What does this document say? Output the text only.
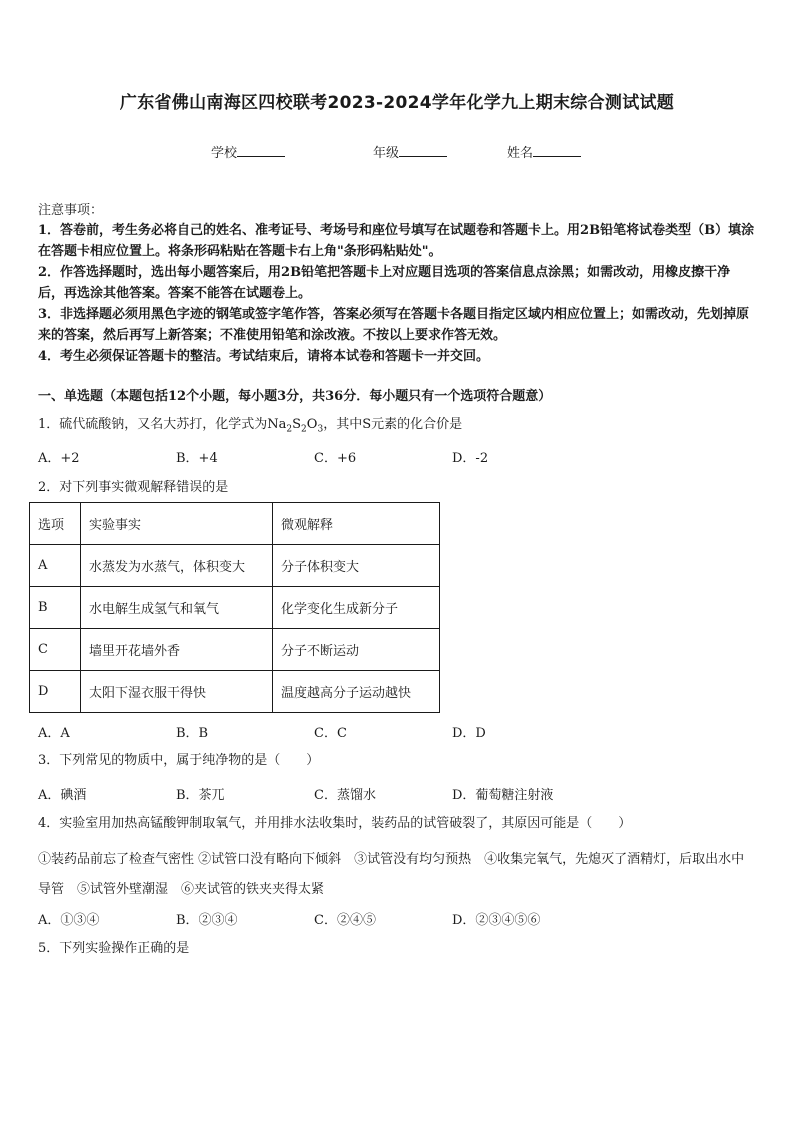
广东省佛山南海区四校联考2023-2024学年化学九上期末综合测试试题
学校	年级	姓名
注意事项：
1．答卷前，考生务必将自己的姓名、准考证号、考场号和座位号填写在试题卷和答题卡上。用2B铅笔将试卷类型（B）填涂在答题卡相应位置上。将条形码粘贴在答题卡右上角"条形码粘贴处"。
2．作答选择题时，选出每小题答案后，用2B铅笔把答题卡上对应题目选项的答案信息点涂黑；如需改动，用橡皮擦干净后，再选涂其他答案。答案不能答在试题卷上。
3．非选择题必须用黑色字迹的钢笔或签字笔作答，答案必须写在答题卡各题目指定区域内相应位置上；如需改动，先划掉原来的答案，然后再写上新答案；不准使用铅笔和涂改液。不按以上要求作答无效。
4．考生必须保证答题卡的整洁。考试结束后，请将本试卷和答题卡一并交回。
一、单选题（本题包括12个小题，每小题3分，共36分．每小题只有一个选项符合题意）
1．硫代硫酸钠，又名大苏打，化学式为$Na_2S_2O_3$，其中S元素的化合价是
A．+2	B．+4	C．+6	D．-2
2．对下列事实微观解释错误的是
选项	实验事实	微观解释
A	水蒸发为水蒸气，体积变大	分子体积变大
B	水电解生成氢气和氧气	化学变化生成新分子
C	墙里开花墙外香	分子不断运动
D	太阳下湿衣服干得快	温度越高分子运动越快
A．A	B．B	C．C	D．D
3．下列常见的物质中，属于纯净物的是（　　）
A．碘酒	B．茶兀	C．蒸馏水	D．葡萄糖注射液
4．实验室用加热高锰酸钾制取氧气，并用排水法收集时，装药品的试管破裂了，其原因可能是（　　）
①装药品前忘了检查气密性 ②试管口没有略向下倾斜　③试管没有均匀预热　④收集完氧气，先熄灭了酒精灯，后取出水中导管　⑤试管外壁潮湿　⑥夹试管的铁夹夹得太紧
A．①③④	B．②③④	C．②④⑤	D．②③④⑤⑥
5．下列实验操作正确的是
